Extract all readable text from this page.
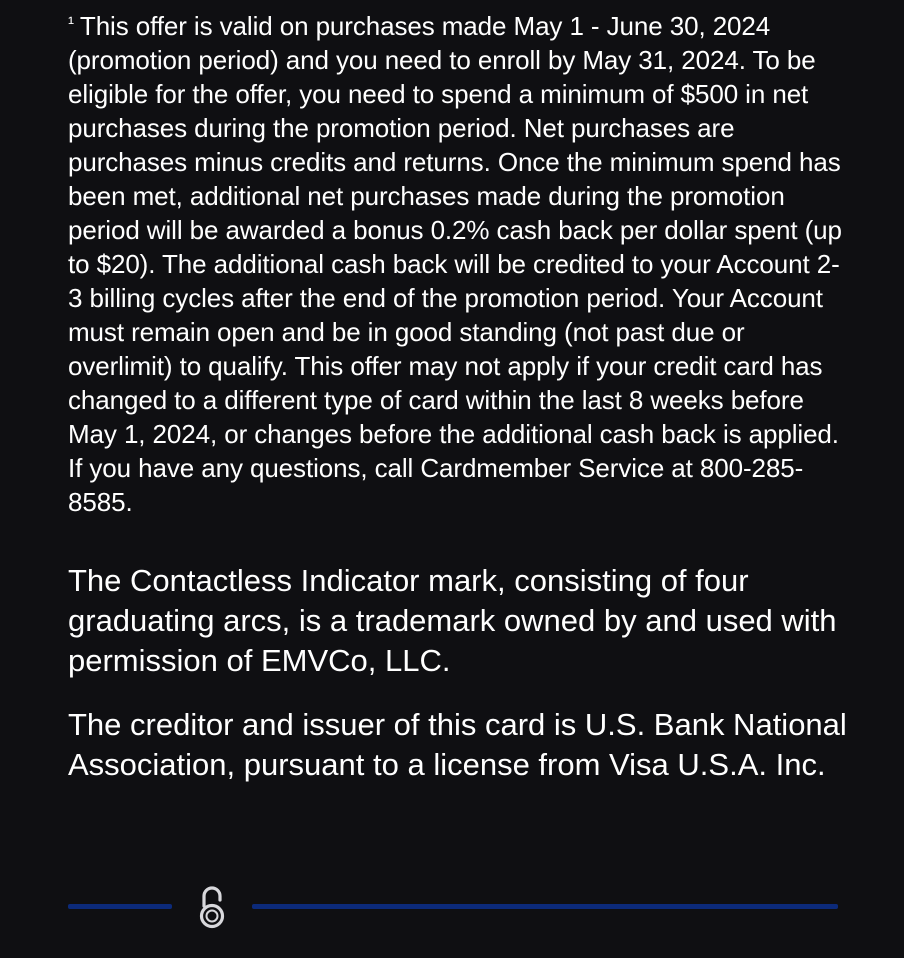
$^{^1}$ This offer is valid on purchases made May 1 - June 30, 2024 (promotion period) and you need to enroll by May 31, 2024. To be eligible for the offer, you need to spend a minimum of $500 in net purchases during the promotion period. Net purchases are purchases minus credits and returns. Once the minimum spend has been met, additional net purchases made during the promotion period will be awarded a bonus 0.2% cash back per dollar spent (up to $20). The additional cash back will be credited to your Account 2-3 billing cycles after the end of the promotion period. Your Account must remain open and be in good standing (not past due or overlimit) to qualify. This offer may not apply if your credit card has changed to a different type of card within the last 8 weeks before May 1, 2024, or changes before the additional cash back is applied. If you have any questions, call Cardmember Service at 800-285-8585.

The Contactless Indicator mark, consisting of four graduating arcs, is a trademark owned by and used with permission of EMVCo, LLC.

The creditor and issuer of this card is U.S. Bank National Association, pursuant to a license from Visa U.S.A. Inc.
